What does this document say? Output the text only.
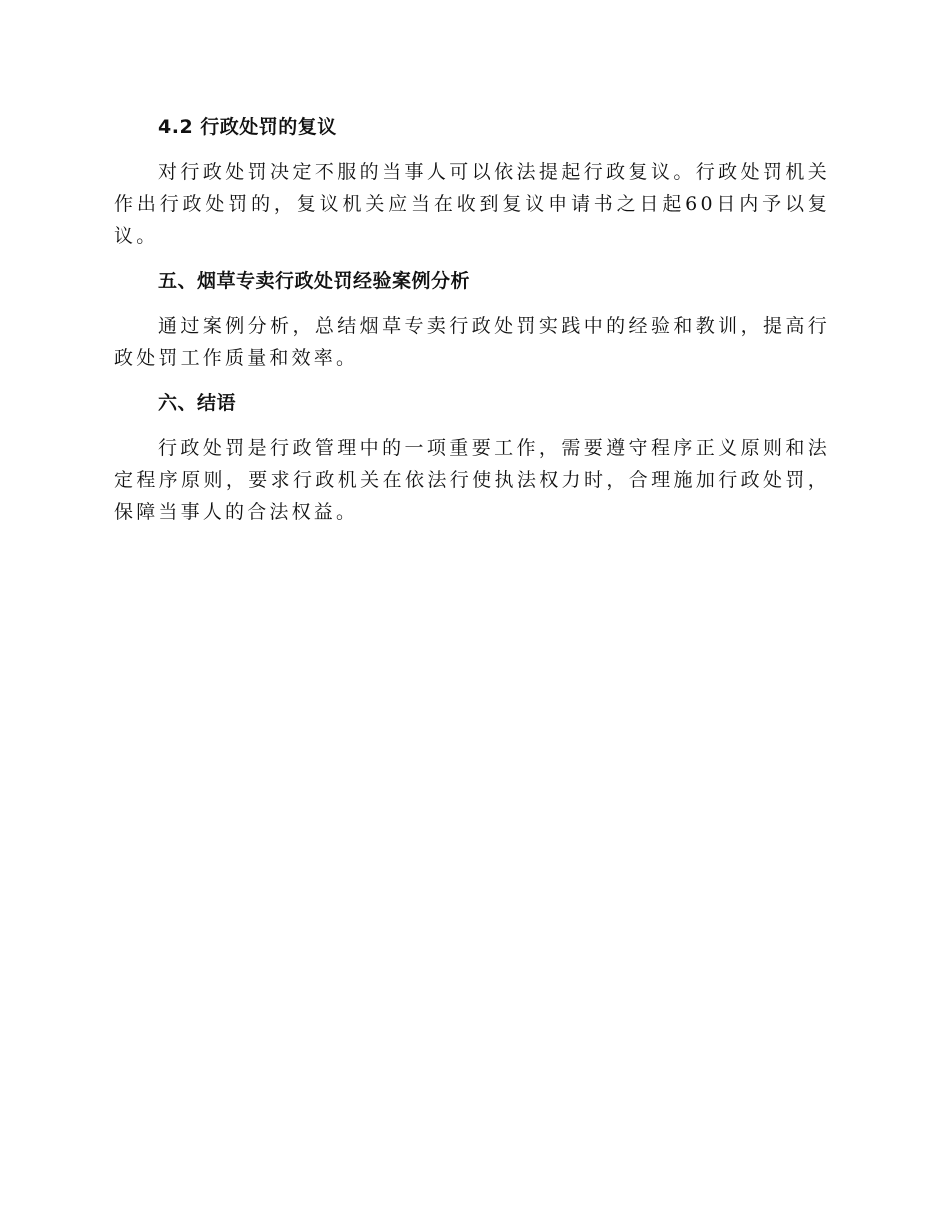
4.2 行政处罚的复议

对行政处罚决定不服的当事人可以依法提起行政复议。行政处罚机关作出行政处罚的，复议机关应当在收到复议申请书之日起60日内予以复议。

五、烟草专卖行政处罚经验案例分析

通过案例分析，总结烟草专卖行政处罚实践中的经验和教训，提高行政处罚工作质量和效率。

六、结语

行政处罚是行政管理中的一项重要工作，需要遵守程序正义原则和法定程序原则，要求行政机关在依法行使执法权力时，合理施加行政处罚，保障当事人的合法权益。
